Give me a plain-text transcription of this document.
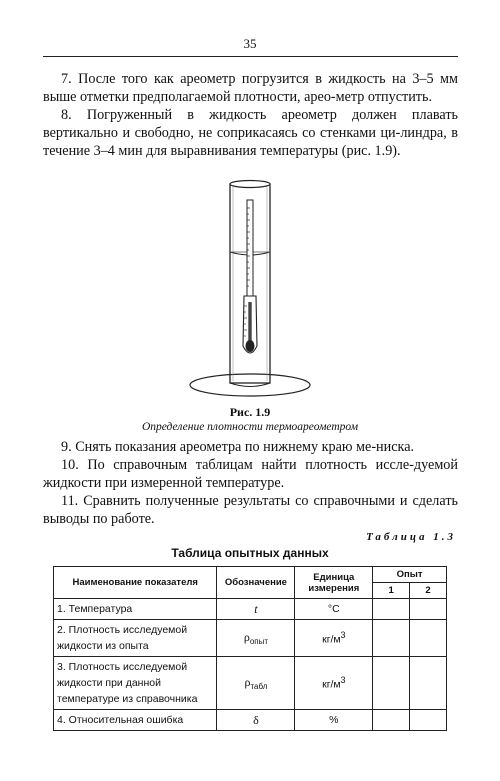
35

7. После того как ареометр погрузится в жидкость на 3–5 мм выше отметки предполагаемой плотности, арео-метр отпустить.

8. Погруженный в жидкость ареометр должен плавать вертикально и свободно, не соприкасаясь со стенками ци-линдра, в течение 3–4 мин для выравнивания температуры (рис. 1.9).

Рис. 1.9
Определение плотности термоареометром

9. Снять показания ареометра по нижнему краю ме-ниска.

10. По справочным таблицам найти плотность иссле-дуемой жидкости при измеренной температуре.

11. Сравнить полученные результаты со справочными и сделать выводы по работе.

Таблица 1.3
Таблица опытных данных
Наименование показателя	Обозначение	Единица измерения	Опыт	
			1	2
1. Температура	t	°C		
2. Плотность исследуемой жидкости из опыта	$\rho_{опыт}$	$кг/м^3$		
3. Плотность исследуемой жидкости при данной температуре из справочника	$\rho_{табл}$	$кг/м^3$		
4. Относительная ошибка	δ	%		
